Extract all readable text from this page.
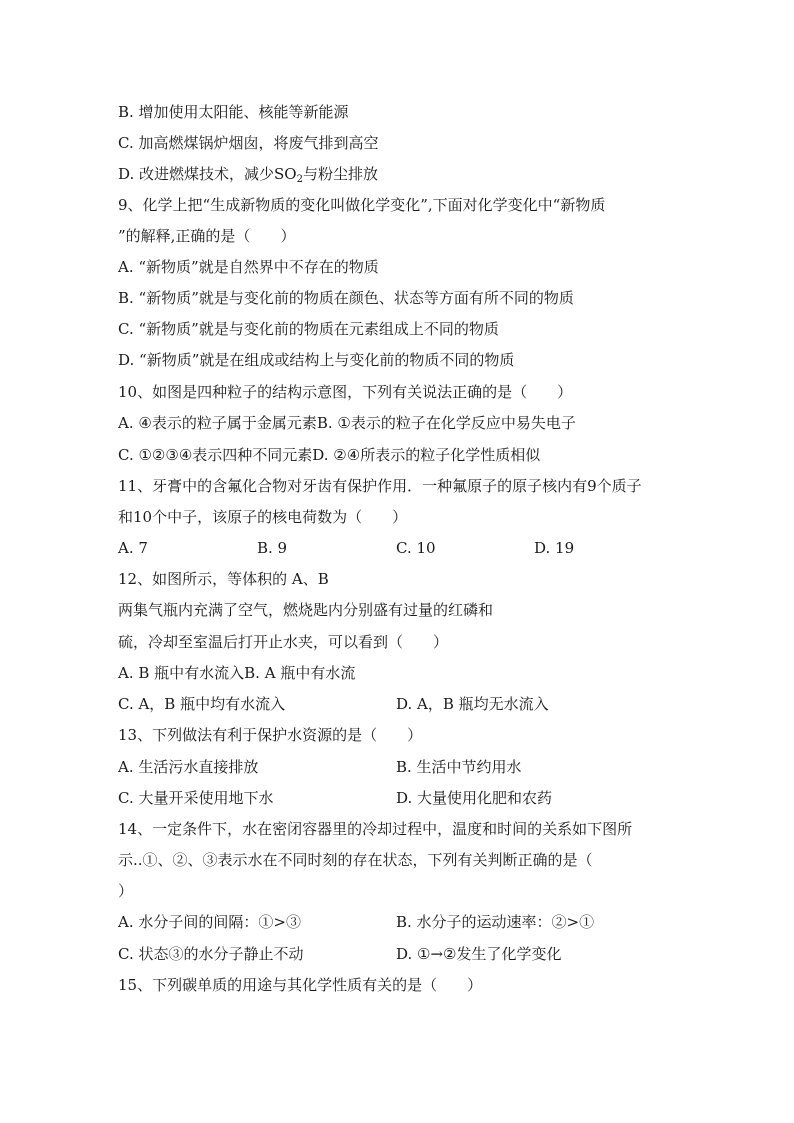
B. 增加使用太阳能、核能等新能源
C. 加高燃煤锅炉烟囱，将废气排到高空
D. 改进燃煤技术，减少$SO_2$与粉尘排放
9、化学上把“生成新物质的变化叫做化学变化”,下面对化学变化中“新物质
”的解释,正确的是（　　）
A. “新物质”就是自然界中不存在的物质
B. “新物质”就是与变化前的物质在颜色、状态等方面有所不同的物质
C. “新物质”就是与变化前的物质在元素组成上不同的物质
D. “新物质”就是在组成或结构上与变化前的物质不同的物质
10、如图是四种粒子的结构示意图，下列有关说法正确的是（　　）
A. ④表示的粒子属于金属元素B. ①表示的粒子在化学反应中易失电子
C. ①②③④表示四种不同元素D. ②④所表示的粒子化学性质相似
11、牙膏中的含氟化合物对牙齿有保护作用．一种氟原子的原子核内有9个质子
和10个中子，该原子的核电荷数为（　　）
A. 7	B. 9	C. 10	D. 19
12、如图所示，等体积的 A、B
两集气瓶内充满了空气，燃烧匙内分别盛有过量的红磷和
硫，冷却至室温后打开止水夹，可以看到（　　）
A. B 瓶中有水流入B. A 瓶中有水流
C. A，B 瓶中均有水流入	D. A，B 瓶均无水流入
13、下列做法有利于保护水资源的是（　　）
A. 生活污水直接排放	B. 生活中节约用水
C. 大量开采使用地下水	D. 大量使用化肥和农药
14、一定条件下，水在密闭容器里的冷却过程中，温度和时间的关系如下图所
示..①、②、③表示水在不同时刻的存在状态，下列有关判断正确的是（
）
A. 水分子间的间隔：①>③	B. 水分子的运动速率：②>①
C. 状态③的水分子静止不动	D. ①→②发生了化学变化
15、下列碳单质的用途与其化学性质有关的是（　　）
